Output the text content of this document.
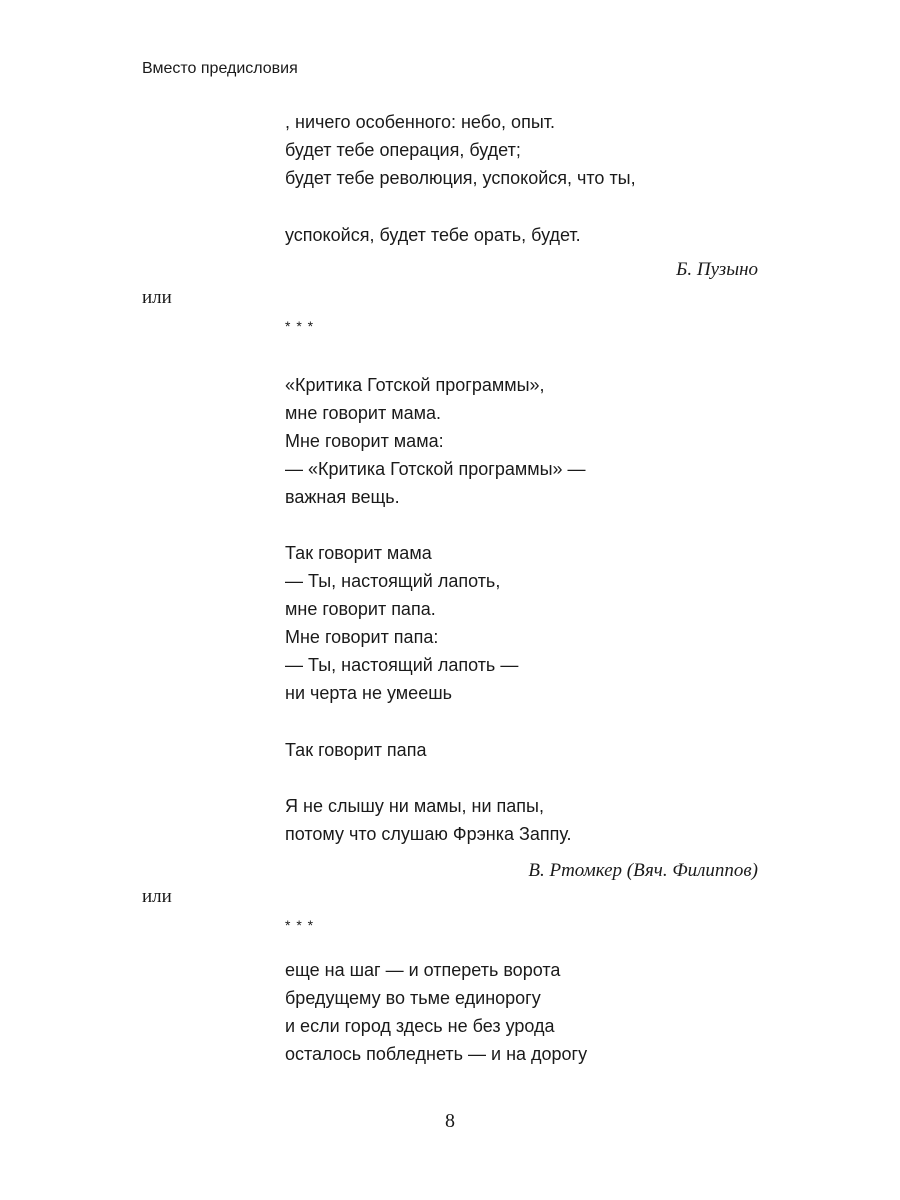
Вместо предисловия
, ничего особенного: небо, опыт.
будет тебе операция, будет;
будет тебе революция, успокойся, что ты,
успокойся, будет тебе орать, будет.
Б. Пузыно
или
* * *
«Критика Готской программы»,
мне говорит мама.
Мне говорит мама:
— «Критика Готской программы» —
важная вещь.
Так говорит мама
— Ты, настоящий лапоть,
мне говорит папа.
Мне говорит папа:
— Ты, настоящий лапоть —
ни черта не умеешь
Так говорит папа
Я не слышу ни мамы, ни папы,
потому что слушаю Фрэнка Заппу.
В. Ртомкер (Вяч. Филиппов)
или
* * *
еще на шаг — и отпереть ворота
бредущему во тьме единорогу
и если город здесь не без урода
осталось побледнеть — и на дорогу
8
